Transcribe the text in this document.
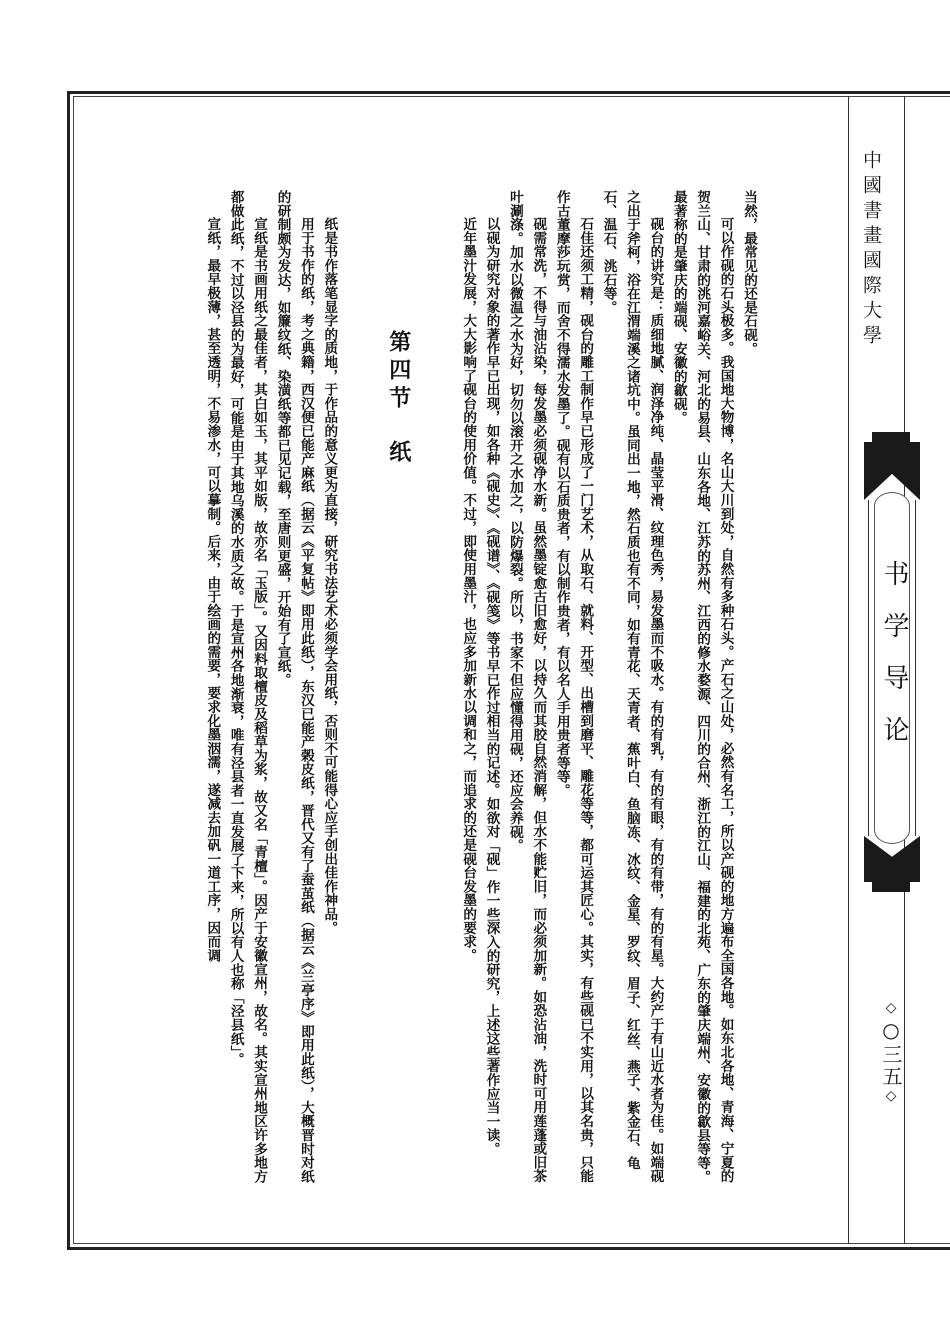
当然，最常见的还是石砚。

可以作砚的石头极多。我国地大物博，名山大川到处，自然有多种石头。产石之山处，必然有名工，所以产砚的地方遍布全国各地。如东北各地、青海、宁夏的贺兰山、甘肃的洮河嘉峪关、河北的易县、山东各地、江苏的苏州、江西的修水婺源、四川的合州、浙江的江山、福建的北苑、广东的肇庆端州、安徽的歙县等等。最著称的是肇庆的端砚、安徽的歙砚。

砚台的讲究是：质细地腻、润泽净纯、晶莹平滑、纹理色秀，易发墨而不吸水。有的有乳，有的有眼，有的有带，有的有星。大约产于有山近水者为佳。如端砚之出于斧柯，浴在江渭端溪之诸坑中。虽同出一地，然石质也有不同，如有青花、天青者、蕉叶白、鱼脑冻、冰纹、金星、罗纹、眉子、红丝、燕子、紫金石、龟石、温石、洮石等。

石佳还须工精，砚台的雕工制作早已形成了一门艺术，从取石、就料、开型、出槽到磨平、雕花等等，都可运其匠心。其实，有些砚已不实用，以其名贵，只能作古董摩莎玩赏，而舍不得濡水发墨了。砚有以石质贵者，有以制作贵者，有以名人手用贵者等等。

砚需常洗，不得与油沾染，每发墨必须砚净水新。虽然墨锭愈古旧愈好，以持久而其胶自然消解，但水不能贮旧，而必须加新。如恐沾油，洗时可用莲蓬或旧茶叶涮涤。加水以微温之水为好，切勿以滚开之水加之，以防爆裂。所以，书家不但应懂得用砚，还应会养砚。

以砚为研究对象的著作早已出现，如各种《砚史》、《砚谱》、《砚笺》等书早已作过相当的记述。如欲对「砚」作一些深入的研究，上述这些著作应当一读。

近年墨汁发展，大大影响了砚台的使用价值。不过，即使用墨汁，也应多加新水以调和之，而追求的还是砚台发墨的要求。

第四节纸

纸是书作落笔显字的质地，于作品的意义更为直接，研究书法艺术必须学会用纸，否则不可能得心应手创出佳作神品。

用于书作的纸，考之典籍，西汉便已能产麻纸（据云《平复帖》即用此纸），东汉已能产榖皮纸，晋代又有了蚕茧纸（据云《兰亭序》即用此纸），大概晋时对纸的研制颇为发达，如簾纹纸、染潢纸等都已见记载，至唐则更盛，开始有了宣纸。

宣纸是书画用纸之最佳者，其白如玉，其平如版，故亦名「玉版」。又因料取檀皮及稻草为浆，故又名「青檀」。因产于安徽宣州，故名。其实宣州地区许多地方都做此纸，不过以泾县的为最好，可能是由于其地乌溪的水质之故。于是宣州各地渐衰，唯有泾县者一直发展了下来，所以有人也称「泾县纸」。

宣纸，最早极薄，甚至透明，不易渗水，可以摹制。后来，由于绘画的需要，要求化墨洇濡，遂减去加矾一道工序，因而调	中國書畫國際大學
书学导论
◇○三五◇
